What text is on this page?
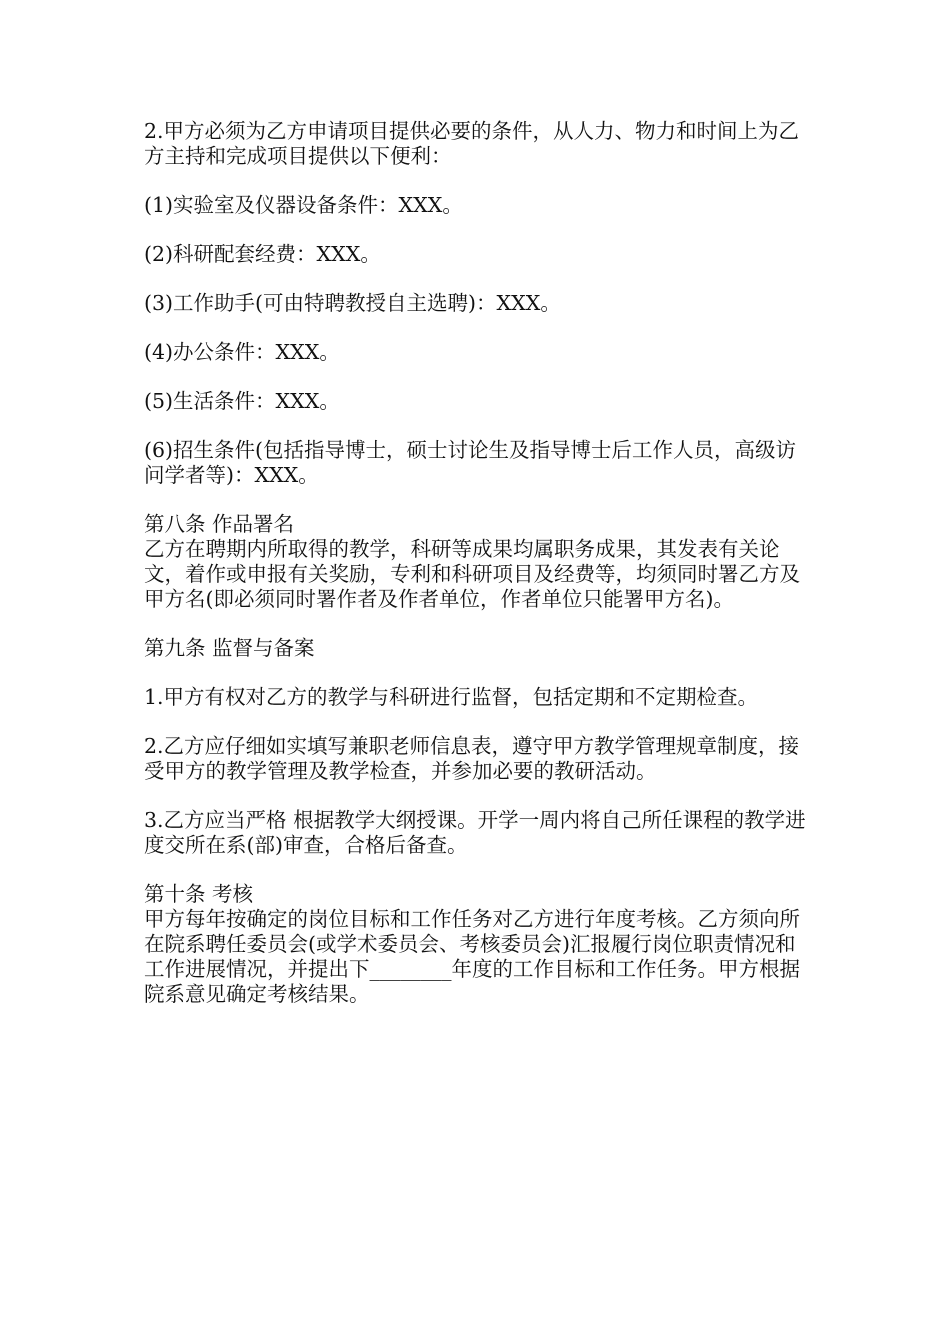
2.甲方必须为乙方申请项目提供必要的条件，从人力、物力和时间上为乙方主持和完成项目提供以下便利：

(1)实验室及仪器设备条件：XXX。

(2)科研配套经费：XXX。

(3)工作助手(可由特聘教授自主选聘)：XXX。

(4)办公条件：XXX。

(5)生活条件：XXX。

(6)招生条件(包括指导博士，硕士讨论生及指导博士后工作人员，高级访问学者等)：XXX。

第八条 作品署名

乙方在聘期内所取得的教学，科研等成果均属职务成果，其发表有关论文，着作或申报有关奖励，专利和科研项目及经费等，均须同时署乙方及甲方名(即必须同时署作者及作者单位，作者单位只能署甲方名)。

第九条 监督与备案

1.甲方有权对乙方的教学与科研进行监督，包括定期和不定期检查。

2.乙方应仔细如实填写兼职老师信息表，遵守甲方教学管理规章制度，接受甲方的教学管理及教学检查，并参加必要的教研活动。

3.乙方应当严格 根据教学大纲授课。开学一周内将自己所任课程的教学进度交所在系(部)审查，合格后备查。

第十条 考核

甲方每年按确定的岗位目标和工作任务对乙方进行年度考核。乙方须向所在院系聘任委员会(或学术委员会、考核委员会)汇报履行岗位职责情况和工作进展情况，并提出下________年度的工作目标和工作任务。甲方根据院系意见确定考核结果。
